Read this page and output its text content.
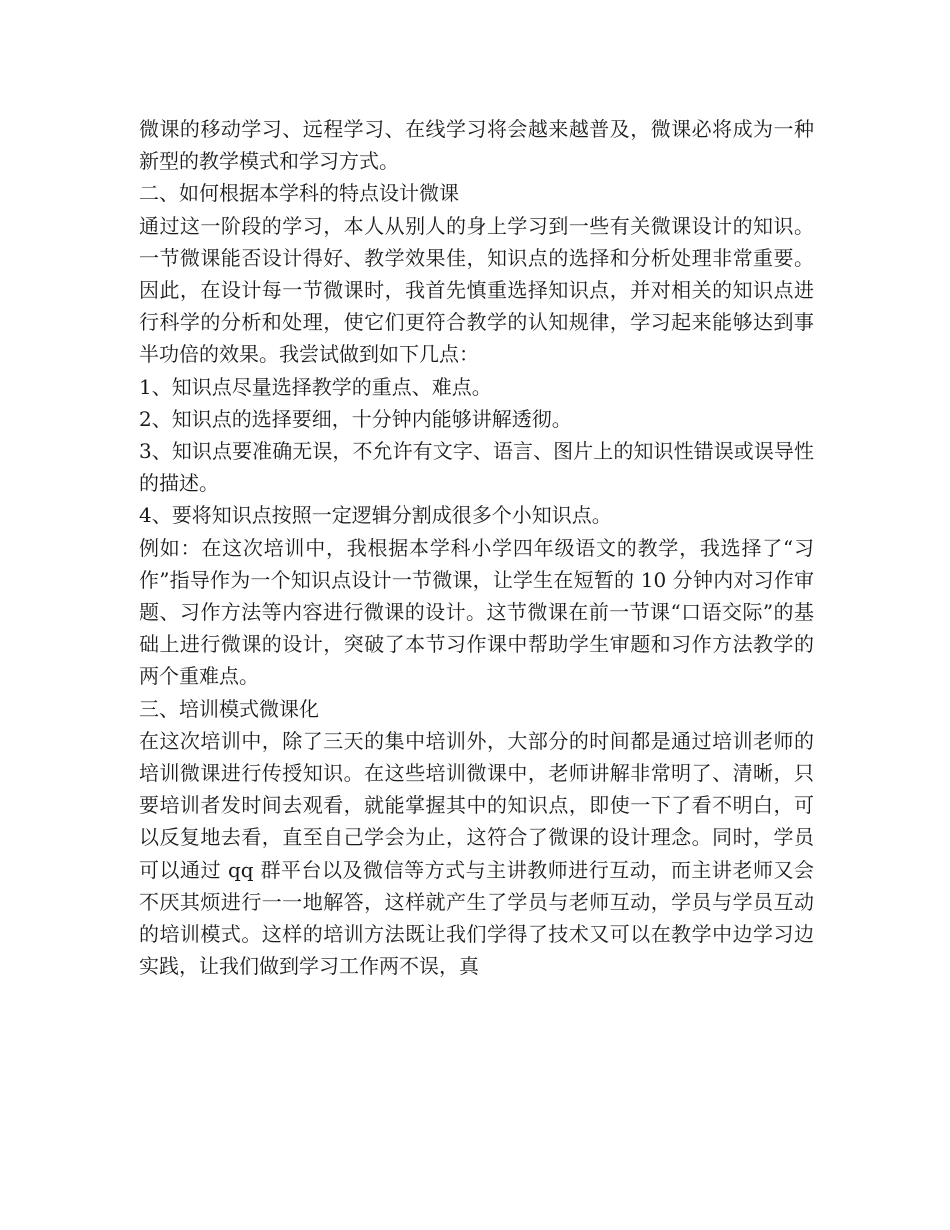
微课的移动学习、远程学习、在线学习将会越来越普及，微课必将成为一种新型的教学模式和学习方式。

二、如何根据本学科的特点设计微课

通过这一阶段的学习，本人从别人的身上学习到一些有关微课设计的知识。一节微课能否设计得好、教学效果佳，知识点的选择和分析处理非常重要。因此，在设计每一节微课时，我首先慎重选择知识点，并对相关的知识点进行科学的分析和处理，使它们更符合教学的认知规律，学习起来能够达到事半功倍的效果。我尝试做到如下几点：

1、知识点尽量选择教学的重点、难点。

2、知识点的选择要细，十分钟内能够讲解透彻。

3、知识点要准确无误，不允许有文字、语言、图片上的知识性错误或误导性的描述。

4、要将知识点按照一定逻辑分割成很多个小知识点。

例如：在这次培训中，我根据本学科小学四年级语文的教学，我选择了“习作”指导作为一个知识点设计一节微课，让学生在短暂的 10 分钟内对习作审题、习作方法等内容进行微课的设计。这节微课在前一节课“口语交际”的基础上进行微课的设计，突破了本节习作课中帮助学生审题和习作方法教学的两个重难点。

三、培训模式微课化

在这次培训中，除了三天的集中培训外，大部分的时间都是通过培训老师的培训微课进行传授知识。在这些培训微课中，老师讲解非常明了、清晰，只要培训者发时间去观看，就能掌握其中的知识点，即使一下了看不明白，可以反复地去看，直至自己学会为止，这符合了微课的设计理念。同时，学员可以通过 qq 群平台以及微信等方式与主讲教师进行互动，而主讲老师又会不厌其烦进行一一地解答，这样就产生了学员与老师互动，学员与学员互动的培训模式。这样的培训方法既让我们学得了技术又可以在教学中边学习边实践，让我们做到学习工作两不误，真
